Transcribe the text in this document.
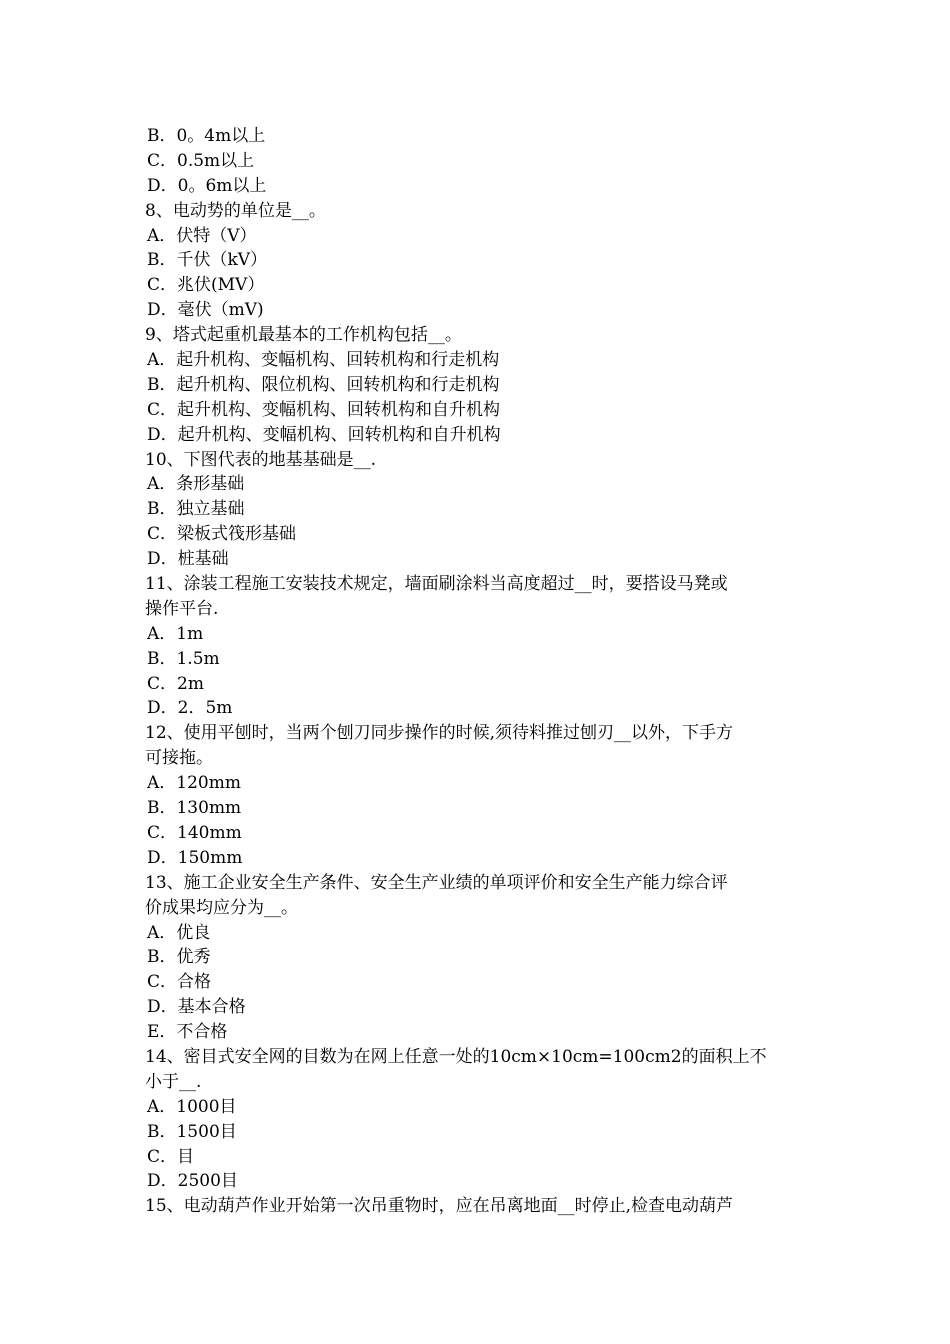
B．0。4m以上
C．0.5m以上
D．0。6m以上
8、电动势的单位是__。
A．伏特（V）
B．千伏（kV）
C．兆伏(MV）
D．毫伏（mV)
9、塔式起重机最基本的工作机构包括__。
A．起升机构、变幅机构、回转机构和行走机构
B．起升机构、限位机构、回转机构和行走机构
C．起升机构、变幅机构、回转机构和自升机构
D．起升机构、变幅机构、回转机构和自升机构
10、下图代表的地基基础是__.
A．条形基础
B．独立基础
C．梁板式筏形基础
D．桩基础
11、涂装工程施工安装技术规定，墙面刷涂料当高度超过__时，要搭设马凳或
操作平台.
A．1m
B．1.5m
C．2m
D．2．5m
12、使用平刨时，当两个刨刀同步操作的时候,须待料推过刨刃__以外，下手方
可接拖。
A．120mm
B．130mm
C．140mm
D．150mm
13、施工企业安全生产条件、安全生产业绩的单项评价和安全生产能力综合评
价成果均应分为__。
A．优良
B．优秀
C．合格
D．基本合格
E．不合格
14、密目式安全网的目数为在网上任意一处的10cm×10cm=100cm2的面积上不
小于__.
A．1000目
B．1500目
C．目
D．2500目
15、电动葫芦作业开始第一次吊重物时，应在吊离地面__时停止,检查电动葫芦
